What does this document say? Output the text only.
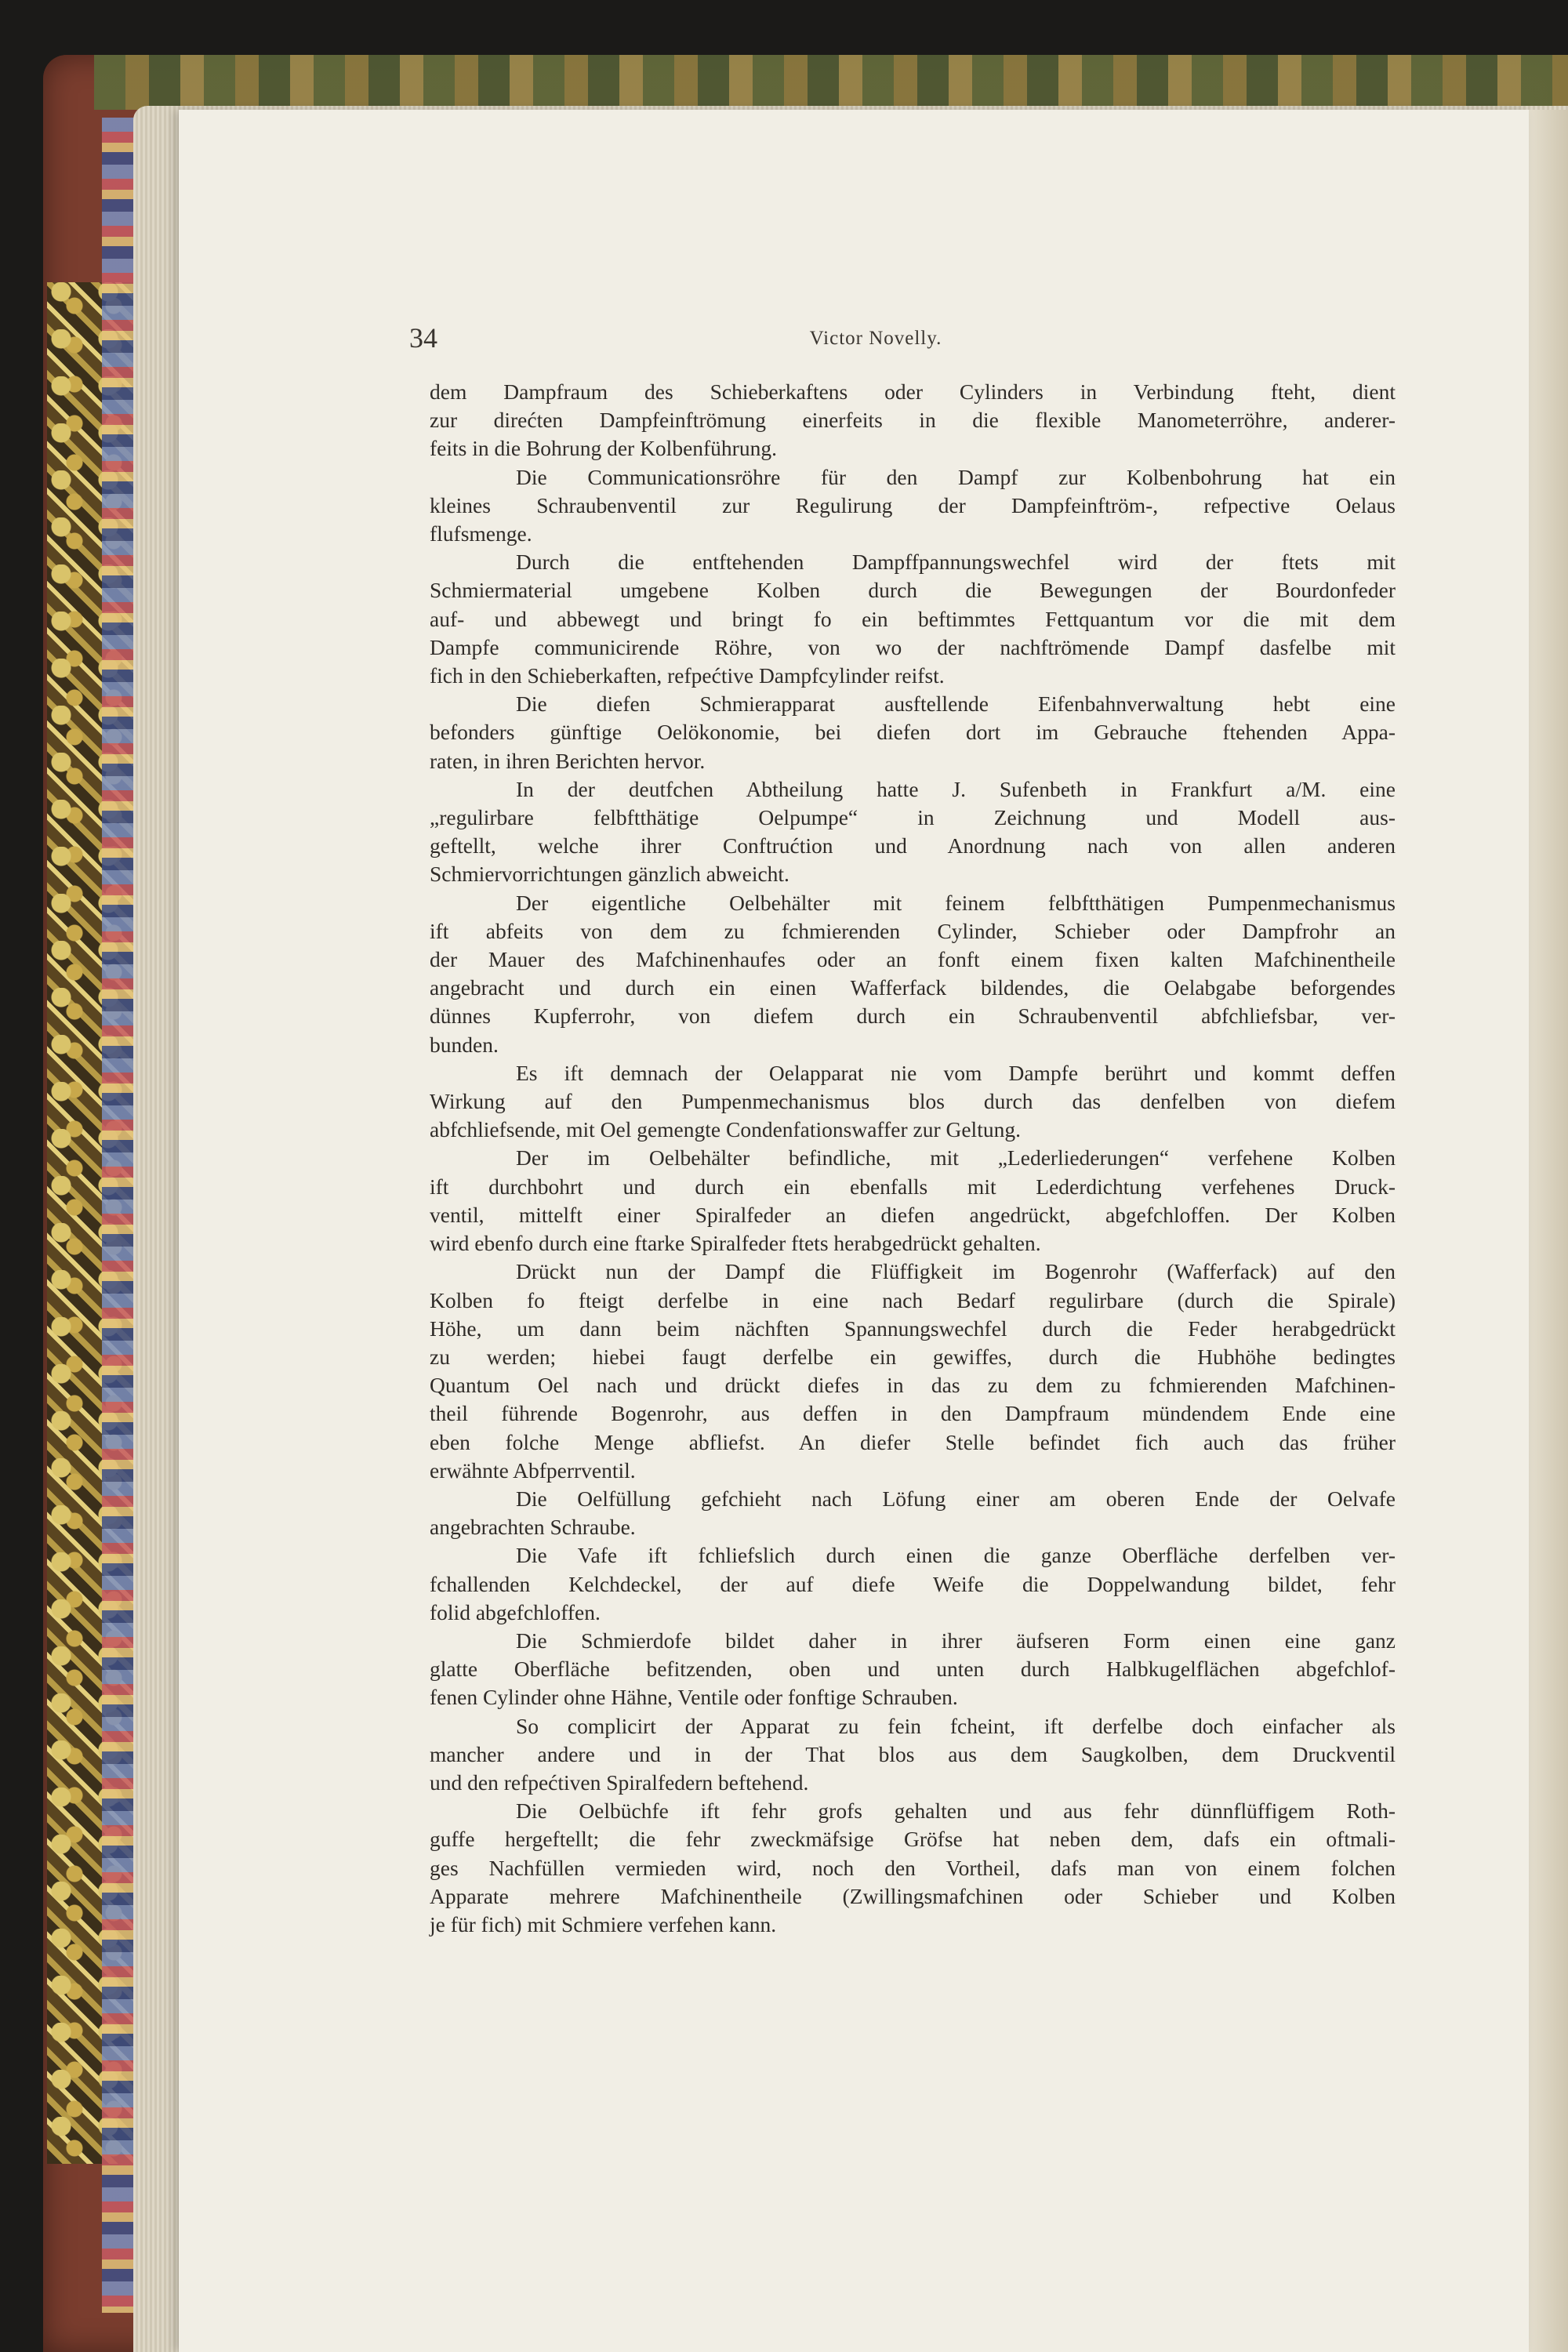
34	Victor Novelly.
dem Dampfraum des Schieberkaftens oder Cylinders in Verbindung fteht, dient
zur direćten Dampfeinftrömung einerfeits in die flexible Manometerröhre, anderer-
feits in die Bohrung der Kolbenführung.
Die Communicationsröhre für den Dampf zur Kolbenbohrung hat ein
kleines Schraubenventil zur Regulirung der Dampfeinftröm-, refpective Oelaus
flufsmenge.
Durch die entftehenden Dampffpannungswechfel wird der ftets mit
Schmiermaterial umgebene Kolben durch die Bewegungen der Bourdonfeder
auf- und abbewegt und bringt fo ein beftimmtes Fettquantum vor die mit dem
Dampfe communicirende Röhre, von wo der nachftrömende Dampf dasfelbe mit
fich in den Schieberkaften, refpećtive Dampfcylinder reifst.
Die diefen Schmierapparat ausftellende Eifenbahnverwaltung hebt eine
befonders günftige Oelökonomie, bei diefen dort im Gebrauche ftehenden Appa-
raten, in ihren Berichten hervor.
In der deutfchen Abtheilung hatte J. Sufenbeth in Frankfurt a/M. eine
„regulirbare felbftthätige Oelpumpe“ in Zeichnung und Modell aus-
geftellt, welche ihrer Conftrućtion und Anordnung nach von allen anderen
Schmiervorrichtungen gänzlich abweicht.
Der eigentliche Oelbehälter mit feinem felbftthätigen Pumpenmechanismus
ift abfeits von dem zu fchmierenden Cylinder, Schieber oder Dampfrohr an
der Mauer des Mafchinenhaufes oder an fonft einem fixen kalten Mafchinentheile
angebracht und durch ein einen Wafferfack bildendes, die Oelabgabe beforgendes
dünnes Kupferrohr, von diefem durch ein Schraubenventil abfchliefsbar, ver-
bunden.
Es ift demnach der Oelapparat nie vom Dampfe berührt und kommt deffen
Wirkung auf den Pumpenmechanismus blos durch das denfelben von diefem
abfchliefsende, mit Oel gemengte Condenfationswaffer zur Geltung.
Der im Oelbehälter befindliche, mit „Lederliederungen“ verfehene Kolben
ift durchbohrt und durch ein ebenfalls mit Lederdichtung verfehenes Druck-
ventil, mittelft einer Spiralfeder an diefen angedrückt, abgefchloffen. Der Kolben
wird ebenfo durch eine ftarke Spiralfeder ftets herabgedrückt gehalten.
Drückt nun der Dampf die Flüffigkeit im Bogenrohr (Wafferfack) auf den
Kolben fo fteigt derfelbe in eine nach Bedarf regulirbare (durch die Spirale)
Höhe, um dann beim nächften Spannungswechfel durch die Feder herabgedrückt
zu werden; hiebei faugt derfelbe ein gewiffes, durch die Hubhöhe bedingtes
Quantum Oel nach und drückt diefes in das zu dem zu fchmierenden Mafchinen-
theil führende Bogenrohr, aus deffen in den Dampfraum mündendem Ende eine
eben folche Menge abfliefst. An diefer Stelle befindet fich auch das früher
erwähnte Abfperrventil.
Die Oelfüllung gefchieht nach Löfung einer am oberen Ende der Oelvafe
angebrachten Schraube.
Die Vafe ift fchliefslich durch einen die ganze Oberfläche derfelben ver-
fchallenden Kelchdeckel, der auf diefe Weife die Doppelwandung bildet, fehr
folid abgefchloffen.
Die Schmierdofe bildet daher in ihrer äufseren Form einen eine ganz
glatte Oberfläche befitzenden, oben und unten durch Halbkugelflächen abgefchlof-
fenen Cylinder ohne Hähne, Ventile oder fonftige Schrauben.
So complicirt der Apparat zu fein fcheint, ift derfelbe doch einfacher als
mancher andere und in der That blos aus dem Saugkolben, dem Druckventil
und den refpećtiven Spiralfedern beftehend.
Die Oelbüchfe ift fehr grofs gehalten und aus fehr dünnflüffigem Roth-
guffe hergeftellt; die fehr zweckmäfsige Gröfse hat neben dem, dafs ein oftmali-
ges Nachfüllen vermieden wird, noch den Vortheil, dafs man von einem folchen
Apparate mehrere Mafchinentheile (Zwillingsmafchinen oder Schieber und Kolben
je für fich) mit Schmiere verfehen kann.
